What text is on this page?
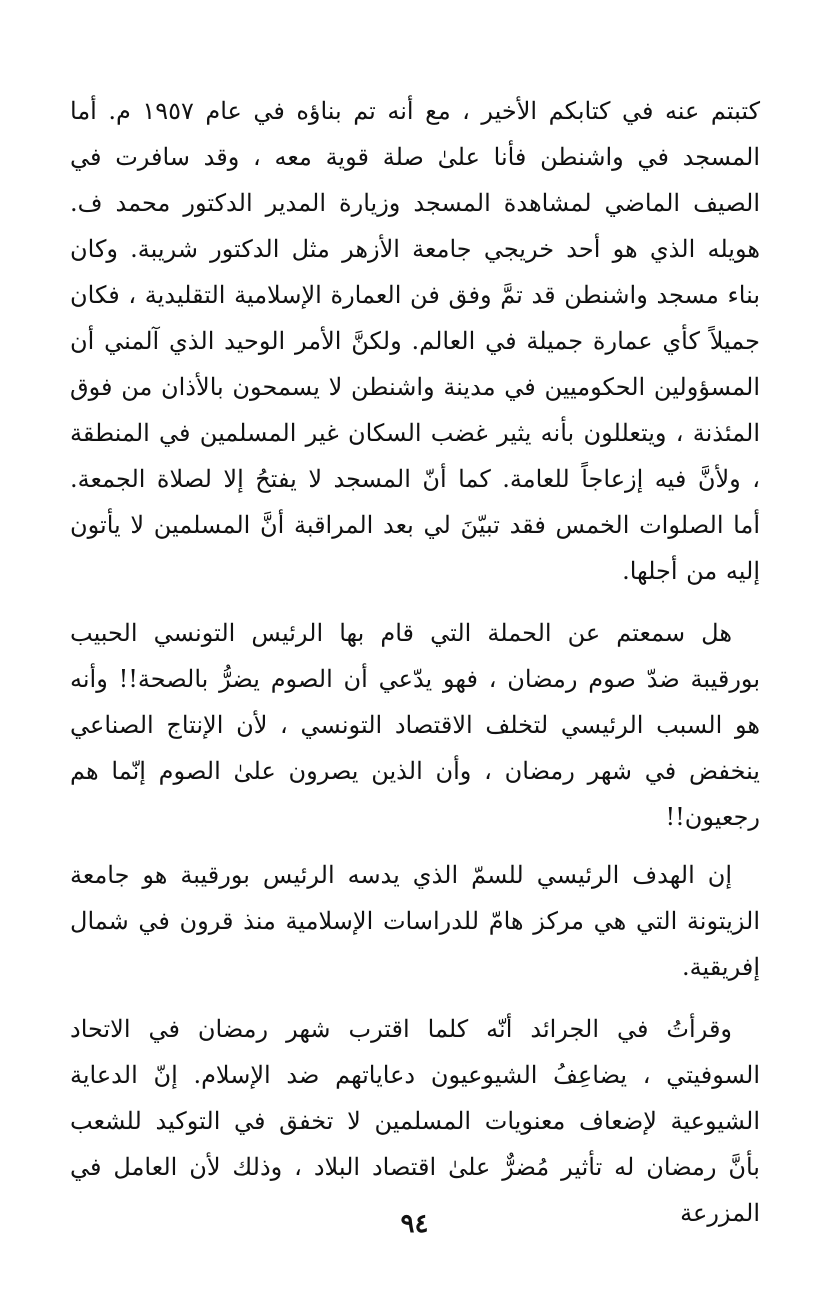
كتبتم عنه في كتابكم الأخير ، مع أنه تم بناؤه في عام ١٩٥٧ م. أما المسجد في واشنطن فأنا علىٰ صلة قوية معه ، وقد سافرت في الصيف الماضي لمشاهدة المسجد وزيارة المدير الدكتور محمد ف. هويله الذي هو أحد خريجي جامعة الأزهر مثل الدكتور شريبة. وكان بناء مسجد واشنطن قد تمَّ وفق فن العمارة الإسلامية التقليدية ، فكان جميلاً كأي عمارة جميلة في العالم. ولكنَّ الأمر الوحيد الذي آلمني أن المسؤولين الحكوميين في مدينة واشنطن لا يسمحون بالأذان من فوق المئذنة ، ويتعللون بأنه يثير غضب السكان غير المسلمين في المنطقة ، ولأنَّ فيه إزعاجاً للعامة. كما أنّ المسجد لا يفتحُ إلا لصلاة الجمعة. أما الصلوات الخمس فقد تبيّنَ لي بعد المراقبة أنَّ المسلمين لا يأتون إليه من أجلها.

هل سمعتم عن الحملة التي قام بها الرئيس التونسي الحبيب بورقيبة ضدّ صوم رمضان ، فهو يدّعي أن الصوم يضرُّ بالصحة!! وأنه هو السبب الرئيسي لتخلف الاقتصاد التونسي ، لأن الإنتاج الصناعي ينخفض في شهر رمضان ، وأن الذين يصرون علىٰ الصوم إنّما هم رجعيون!!

إن الهدف الرئيسي للسمّ الذي يدسه الرئيس بورقيبة هو جامعة الزيتونة التي هي مركز هامّ للدراسات الإسلامية منذ قرون في شمال إفريقية.

وقرأتُ في الجرائد أنّه كلما اقترب شهر رمضان في الاتحاد السوفيتي ، يضاعِفُ الشيوعيون دعاياتهم ضد الإسلام. إنّ الدعاية الشيوعية لإضعاف معنويات المسلمين لا تخفق في التوكيد للشعب بأنَّ رمضان له تأثير مُضرٌّ علىٰ اقتصاد البلاد ، وذلك لأن العامل في المزرعة

٩٤
